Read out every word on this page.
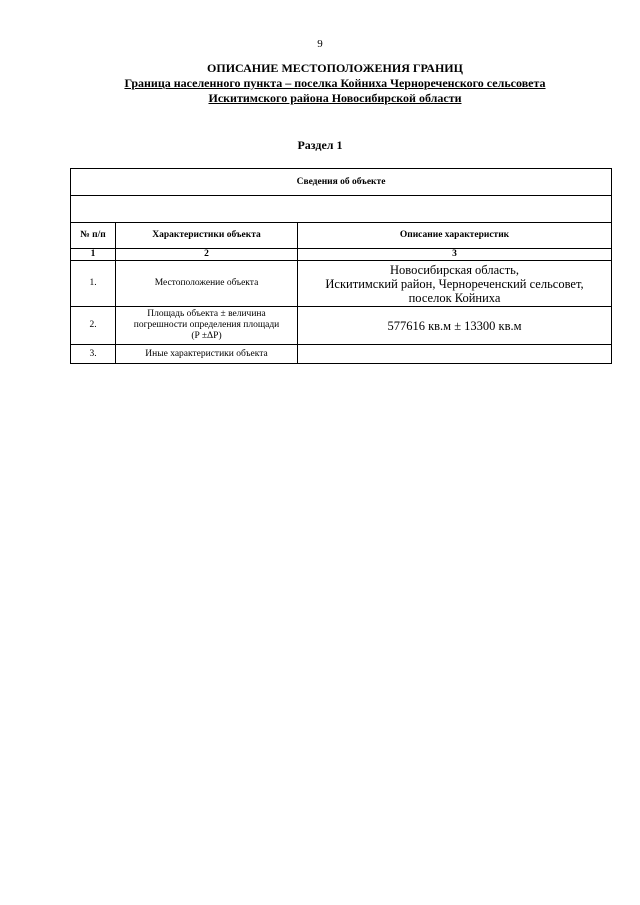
9
ОПИСАНИЕ МЕСТОПОЛОЖЕНИЯ ГРАНИЦ
Граница населенного пункта – поселка Койниха Чернореченского сельсовета
Искитимского района Новосибирской области
Раздел 1
Сведения об объекте		

№ п/п	Характеристики объекта	Описание характеристик
1	2	3
1.	Местоположение объекта	Новосибирская область,
Искитимский район, Чернореченский сельсовет,
поселок Койниха

2.	Площадь объекта ± величина
погрешности определения площади
(P ±ΔP)	577616 кв.м ± 13300 кв.м
3.	Иные характеристики объекта	
